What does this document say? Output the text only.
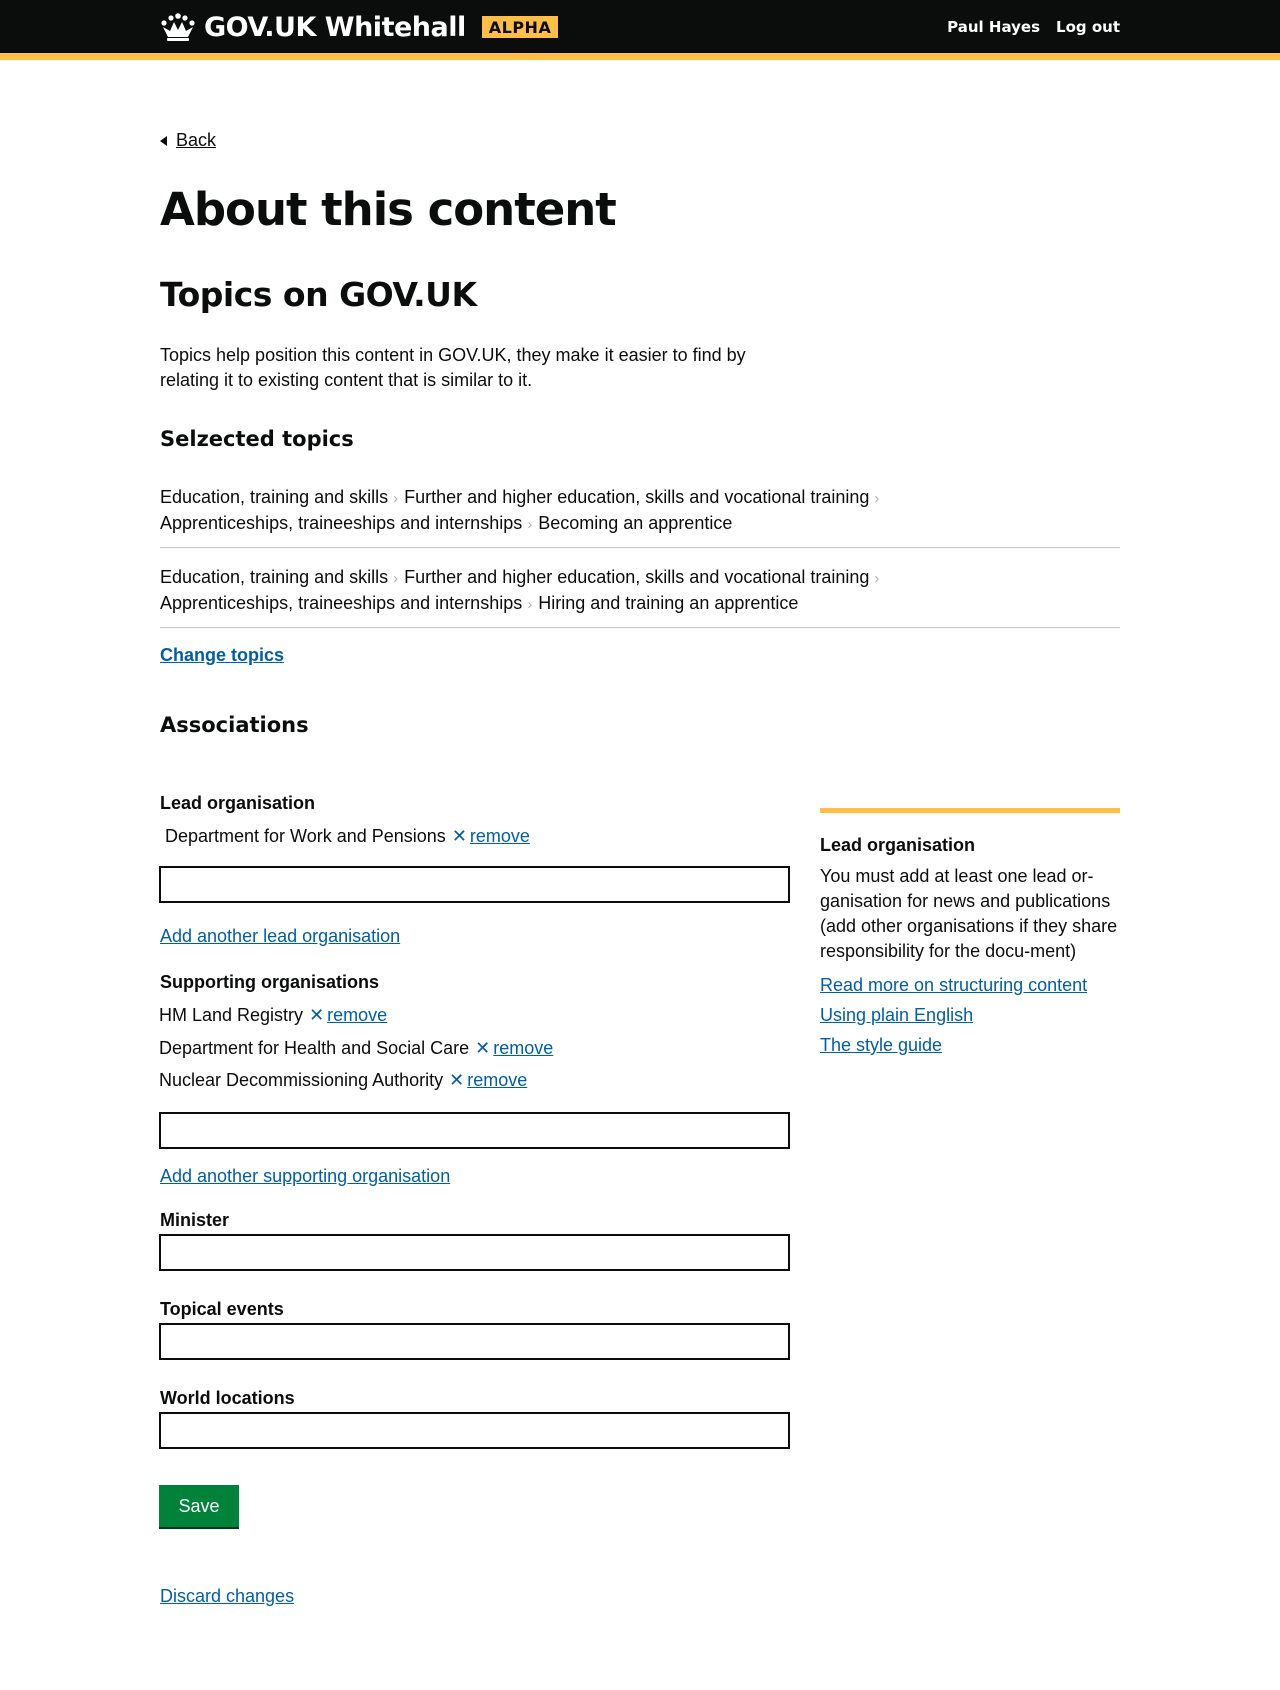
GOV.UK Whitehall	ALPHA	Paul Hayes Log out
Back
About this content
Topics on GOV.UK

Topics help position this content in GOV.UK, they make it easier to find by relating it to existing content that is similar to it.

Selzected topics
Education, training and skills › Further and higher education, skills and vocational training ›
Apprenticeships, traineeships and internships › Becoming an apprentice
Education, training and skills › Further and higher education, skills and vocational training ›
Apprenticeships, traineeships and internships › Hiring and training an apprentice
Change topics
Associations
Lead organisation
Department for Work and Pensions ✕ remove
Add another lead organisation
Supporting organisations
HM Land Registry ✕ remove
Department for Health and Social Care ✕ remove
Nuclear Decommissioning Authority ✕ remove
Add another supporting organisation
Minister
Topical events
World locations
Save
Discard changes
Lead organisation

You must add at least one lead or-ganisation for news and publications (add other organisations if they share responsibility for the docu-ment)

Read more on structuring content
Using plain English
The style guide
